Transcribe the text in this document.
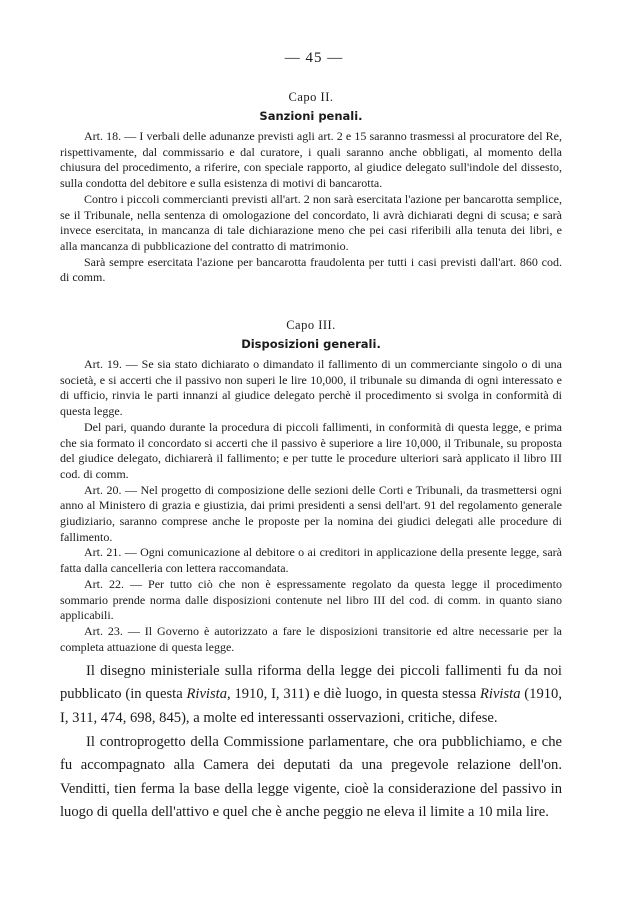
— 45 —
Capo II.
Sanzioni penali.

Art. 18. — I verbali delle adunanze previsti agli art. 2 e 15 saranno trasmessi al procuratore del Re, rispettivamente, dal commissario e dal curatore, i quali saranno anche obbligati, al momento della chiusura del procedimento, a riferire, con speciale rapporto, al giudice delegato sull'indole del dissesto, sulla condotta del debitore e sulla esistenza di motivi di bancarotta.

Contro i piccoli commercianti previsti all'art. 2 non sarà esercitata l'azione per bancarotta semplice, se il Tribunale, nella sentenza di omologazione del concordato, li avrà dichiarati degni di scusa; e sarà invece esercitata, in mancanza di tale dichiarazione meno che pei casi riferibili alla tenuta dei libri, e alla mancanza di pubblicazione del contratto di matrimonio.

Sarà sempre esercitata l'azione per bancarotta fraudolenta per tutti i casi previsti dall'art. 860 cod. di comm.

Capo III.
Disposizioni generali.

Art. 19. — Se sia stato dichiarato o dimandato il fallimento di un commerciante singolo o di una società, e si accerti che il passivo non superi le lire 10,000, il tribunale su dimanda di ogni interessato e di ufficio, rinvia le parti innanzi al giudice delegato perchè il procedimento si svolga in conformità di questa legge.

Del pari, quando durante la procedura di piccoli fallimenti, in conformità di questa legge, e prima che sia formato il concordato si accerti che il passivo è superiore a lire 10,000, il Tribunale, su proposta del giudice delegato, dichiarerà il fallimento; e per tutte le procedure ulteriori sarà applicato il libro III cod. di comm.

Art. 20. — Nel progetto di composizione delle sezioni delle Corti e Tribunali, da trasmettersi ogni anno al Ministero di grazia e giustizia, dai primi presidenti a sensi dell'art. 91 del regolamento generale giudiziario, saranno comprese anche le proposte per la nomina dei giudici delegati alle procedure di fallimento.

Art. 21. — Ogni comunicazione al debitore o ai creditori in applicazione della presente legge, sarà fatta dalla cancelleria con lettera raccomandata.

Art. 22. — Per tutto ciò che non è espressamente regolato da questa legge il procedimento sommario prende norma dalle disposizioni contenute nel libro III del cod. di comm. in quanto siano applicabili.

Art. 23. — Il Governo è autorizzato a fare le disposizioni transitorie ed altre necessarie per la completa attuazione di questa legge.

Il disegno ministeriale sulla riforma della legge dei piccoli fallimenti fu da noi pubblicato (in questa Rivista, 1910, I, 311) e diè luogo, in questa stessa Rivista (1910, I, 311, 474, 698, 845), a molte ed interessanti osservazioni, critiche, difese.

Il controprogetto della Commissione parlamentare, che ora pubblichiamo, e che fu accompagnato alla Camera dei deputati da una pregevole relazione dell'on. Venditti, tien ferma la base della legge vigente, cioè la considerazione del passivo in luogo di quella dell'attivo e quel che è anche peggio ne eleva il limite a 10 mila lire.
